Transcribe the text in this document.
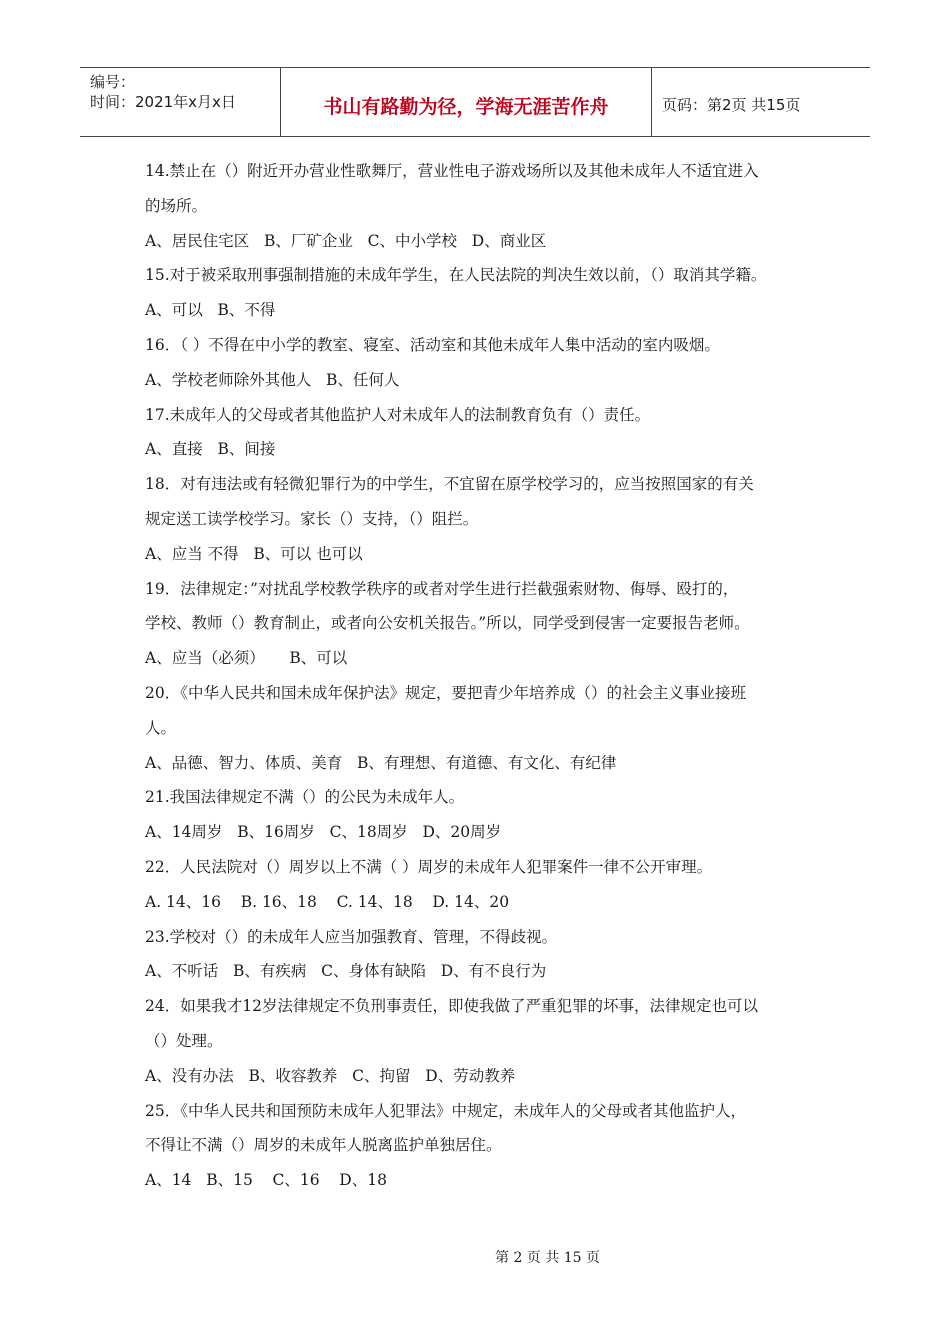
编号：
时间：2021年x月x日	书山有路勤为径，学海无涯苦作舟	页码：第2页 共15页
14.禁止在（）附近开办营业性歌舞厅，营业性电子游戏场所以及其他未成年人不适宜进入
的场所。
A、居民住宅区   B、厂矿企业   C、中小学校   D、商业区
15.对于被采取刑事强制措施的未成年学生，在人民法院的判决生效以前，（）取消其学籍。
A、可以   B、不得
16．（ ）不得在中小学的教室、寝室、活动室和其他未成年人集中活动的室内吸烟。
A、学校老师除外其他人   B、任何人
17.未成年人的父母或者其他监护人对未成年人的法制教育负有（）责任。
A、直接   B、间接
18．对有违法或有轻微犯罪行为的中学生，不宜留在原学校学习的，应当按照国家的有关
规定送工读学校学习。家长（）支持，（）阻拦。
A、应当 不得   B、可以 也可以
19．法律规定：”对扰乱学校教学秩序的或者对学生进行拦截强索财物、侮辱、殴打的，
学校、教师（）教育制止，或者向公安机关报告。”所以，同学受到侵害一定要报告老师。
A、应当（必须）     B、可以
20．《中华人民共和国未成年保护法》规定，要把青少年培养成（）的社会主义事业接班
人。
A、品德、智力、体质、美育   B、有理想、有道德、有文化、有纪律
21.我国法律规定不满（）的公民为未成年人。
A、14周岁   B、16周岁   C、18周岁   D、20周岁
22．人民法院对（）周岁以上不满（ ）周岁的未成年人犯罪案件一律不公开审理。
A. 14、16    B. 16、18    C. 14、18    D. 14、20
23.学校对（）的未成年人应当加强教育、管理，不得歧视。
A、不听话   B、有疾病   C、身体有缺陷   D、有不良行为
24．如果我才12岁法律规定不负刑事责任，即使我做了严重犯罪的坏事，法律规定也可以
（）处理。
A、没有办法   B、收容教养   C、拘留   D、劳动教养
25．《中华人民共和国预防未成年人犯罪法》中规定，未成年人的父母或者其他监护人，
不得让不满（）周岁的未成年人脱离监护单独居住。
A、14   B、15    C、16    D、18
第 2 页 共 15 页
